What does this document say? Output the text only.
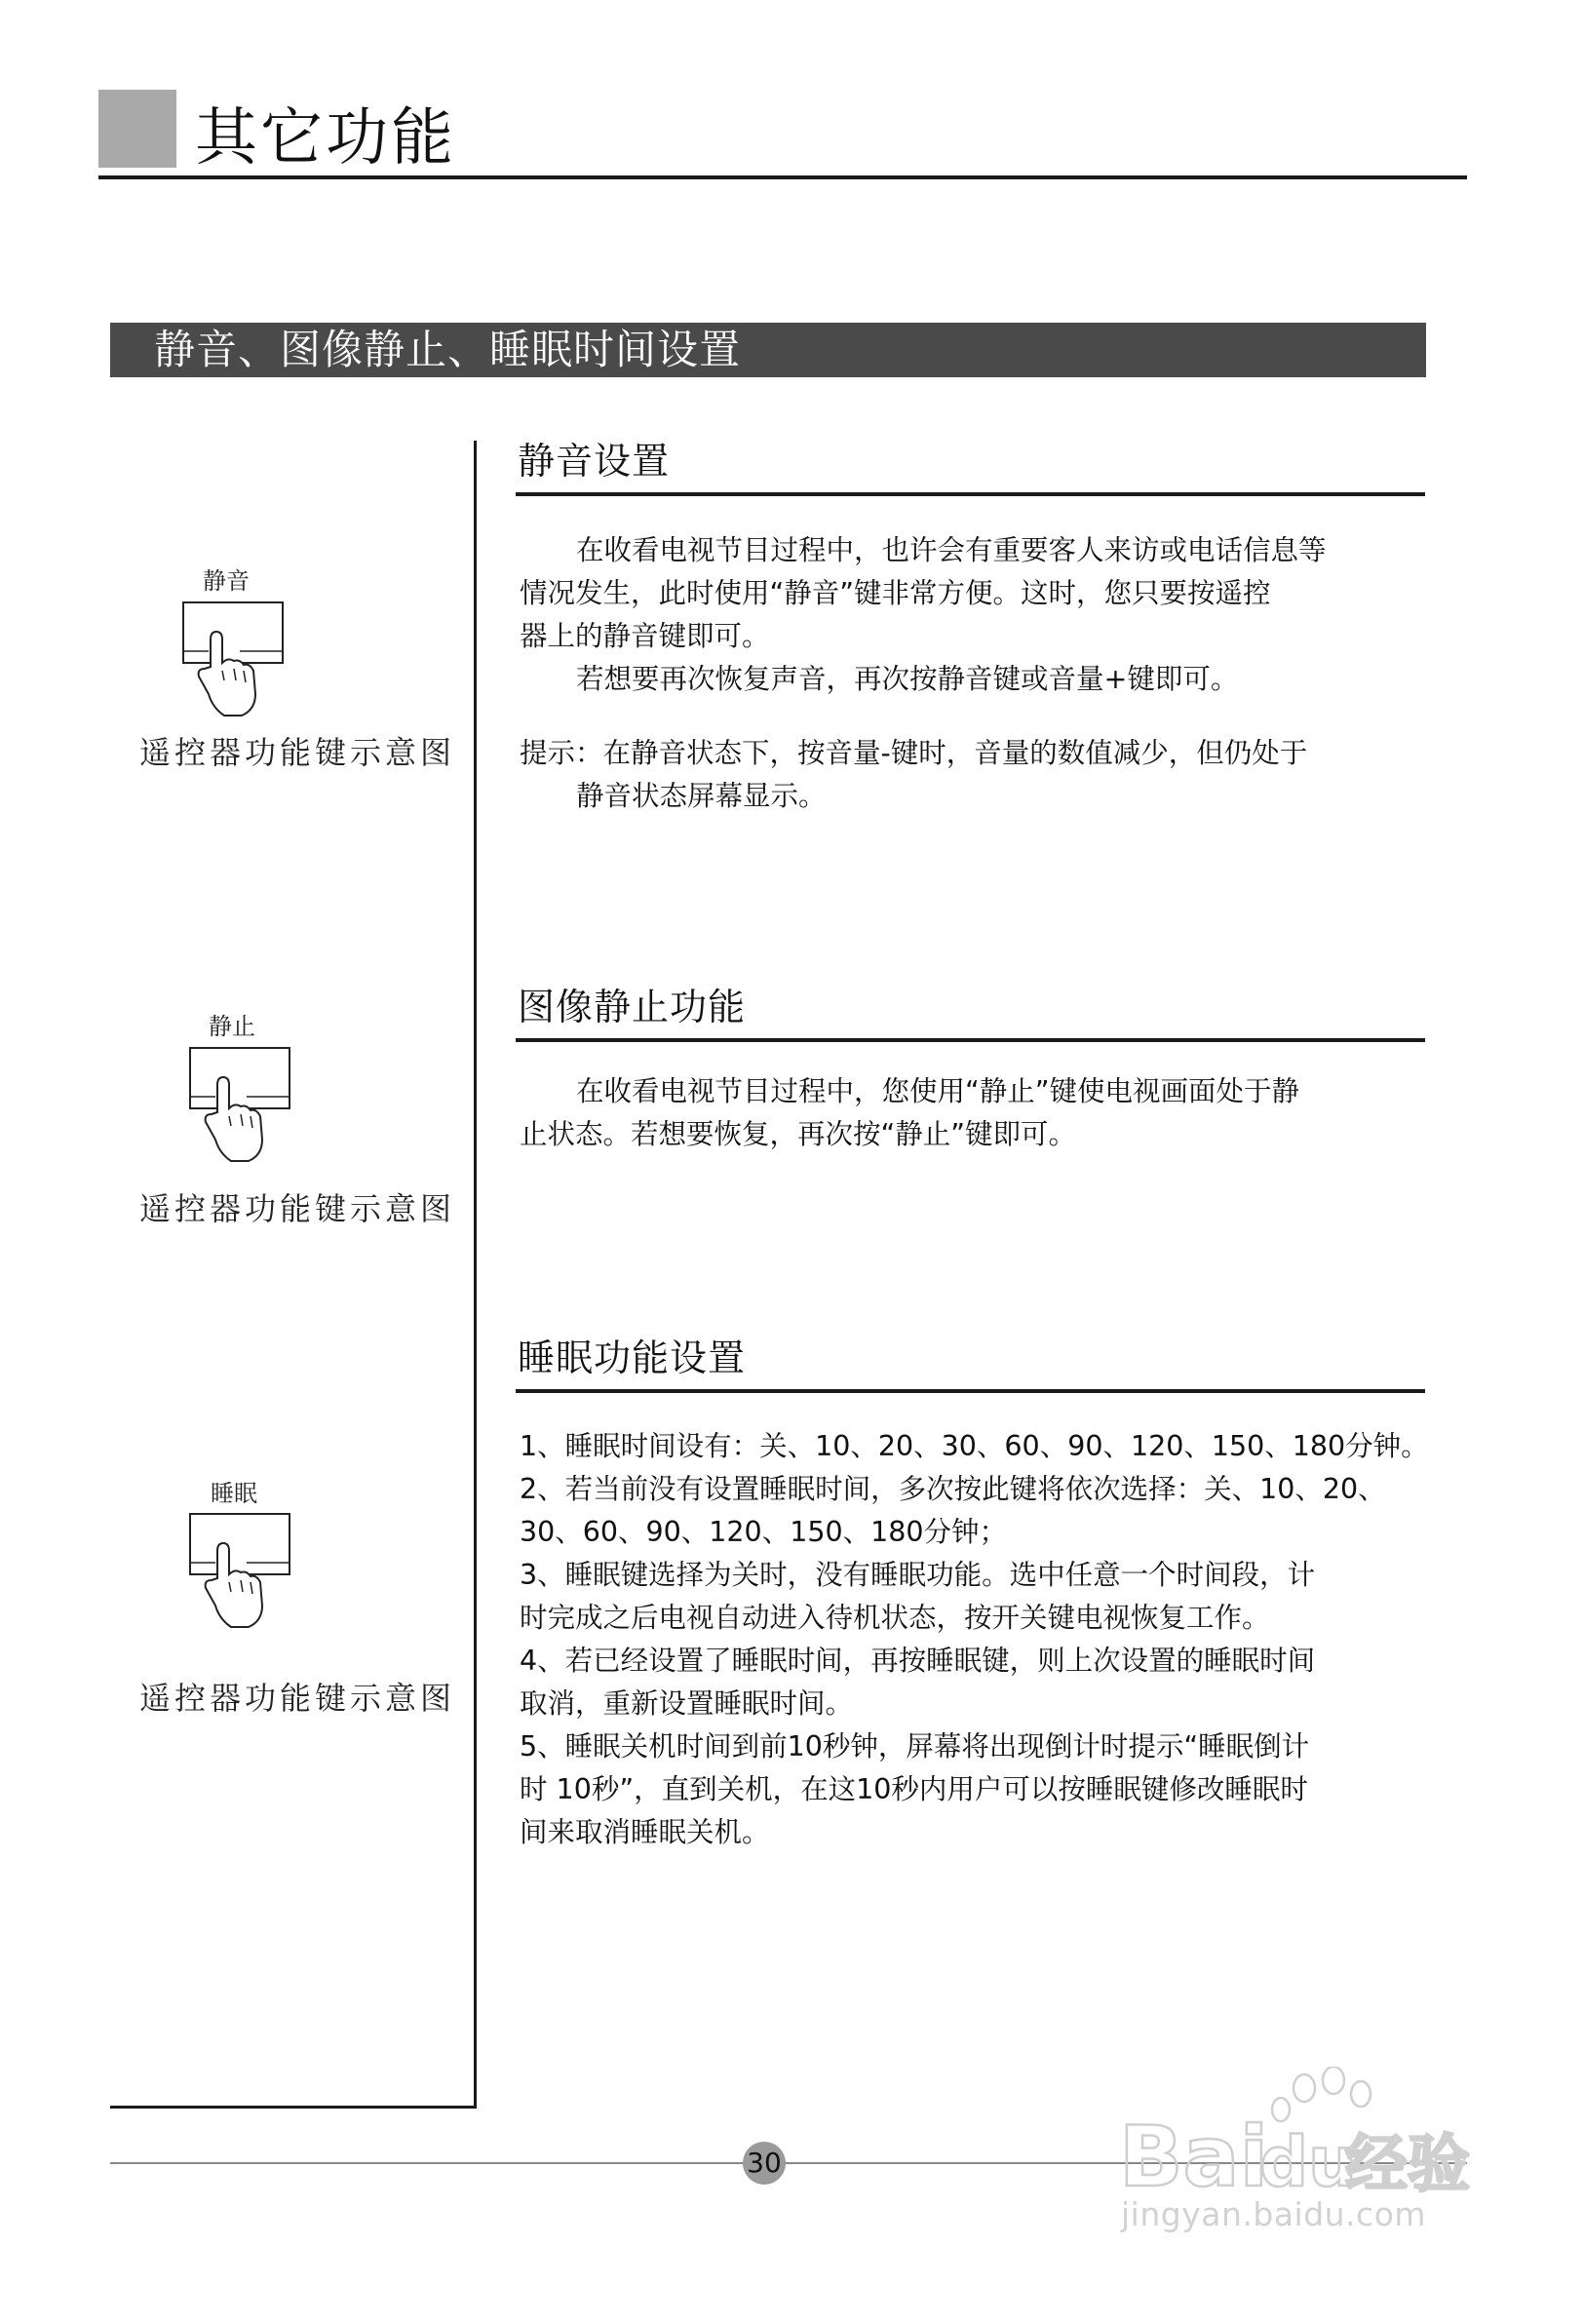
其它功能
静音、图像静止、睡眠时间设置
静音
遥控器功能键示意图
静止
遥控器功能键示意图
睡眠
遥控器功能键示意图
静音设置
在收看电视节目过程中，也许会有重要客人来访或电话信息等
情况发生，此时使用“静音”键非常方便。这时，您只要按遥控
器上的静音键即可。
若想要再次恢复声音，再次按静音键或音量+键即可。
提示：在静音状态下，按音量-键时，音量的数值减少，但仍处于
静音状态屏幕显示。
图像静止功能
在收看电视节目过程中，您使用“静止”键使电视画面处于静
止状态。若想要恢复，再次按“静止”键即可。
睡眠功能设置
1、睡眠时间设有：关、10、20、30、60、90、120、150、180分钟。
2、若当前没有设置睡眠时间，多次按此键将依次选择：关、10、20、
30、60、90、120、150、180分钟；
3、睡眠键选择为关时，没有睡眠功能。选中任意一个时间段，计
时完成之后电视自动进入待机状态，按开关键电视恢复工作。
4、若已经设置了睡眠时间，再按睡眠键，则上次设置的睡眠时间
取消，重新设置睡眠时间。
5、睡眠关机时间到前10秒钟，屏幕将出现倒计时提示“睡眠倒计
时 10秒”，直到关机，在这10秒内用户可以按睡眠键修改睡眠时
间来取消睡眠关机。
30	Bai
du
经验
jingyan.baidu.com
